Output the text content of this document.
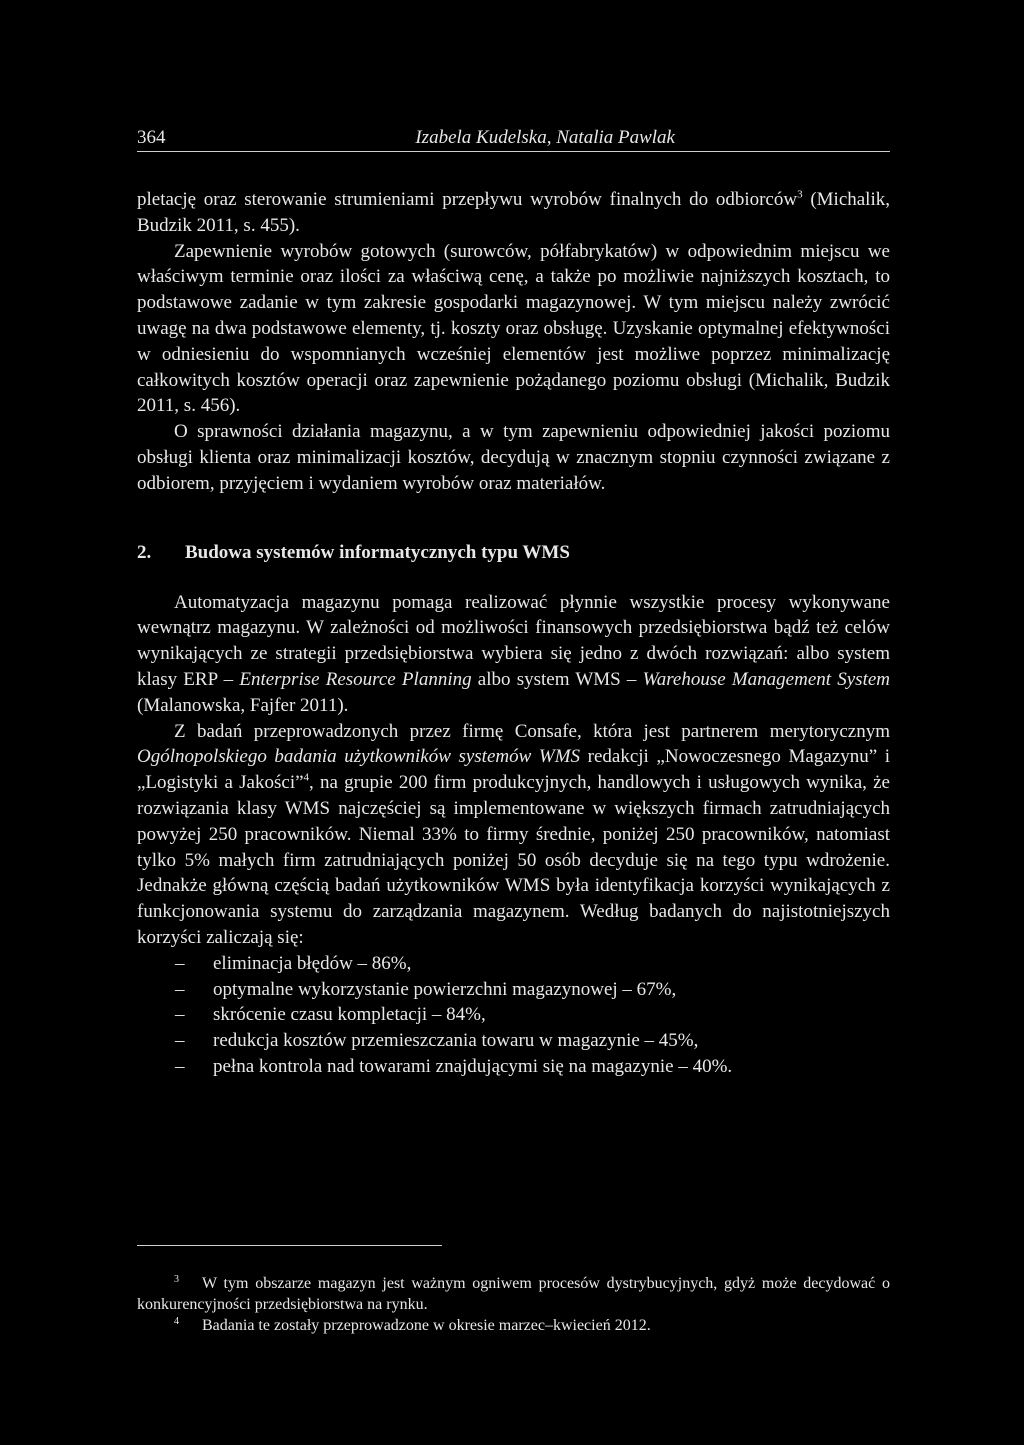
364	Izabela Kudelska, Natalia Pawlak

pletację oraz sterowanie strumieniami przepływu wyrobów finalnych do odbiorców$^3$ (Michalik, Budzik 2011, s. 455).

Zapewnienie wyrobów gotowych (surowców, półfabrykatów) w odpowiednim miejscu we właściwym terminie oraz ilości za właściwą cenę, a także po możliwie najniższych kosztach, to podstawowe zadanie w tym zakresie gospodarki magazynowej. W tym miejscu należy zwrócić uwagę na dwa podstawowe elementy, tj. koszty oraz obsługę. Uzyskanie optymalnej efektywności w odniesieniu do wspomnianych wcześniej elementów jest możliwe poprzez minimalizację całkowitych kosztów operacji oraz zapewnienie pożądanego poziomu obsługi (Michalik, Budzik 2011, s. 456).

O sprawności działania magazynu, a w tym zapewnieniu odpowiedniej jakości poziomu obsługi klienta oraz minimalizacji kosztów, decydują w znacznym stopniu czynności związane z odbiorem, przyjęciem i wydaniem wyrobów oraz materiałów.

2.	Budowa systemów informatycznych typu WMS

Automatyzacja magazynu pomaga realizować płynnie wszystkie procesy wykonywane wewnątrz magazynu. W zależności od możliwości finansowych przedsiębiorstwa bądź też celów wynikających ze strategii przedsiębiorstwa wybiera się jedno z dwóch rozwiązań: albo system klasy ERP – Enterprise Resource Planning albo system WMS – Warehouse Management System (Malanowska, Fajfer 2011).

Z badań przeprowadzonych przez firmę Consafe, która jest partnerem merytorycznym Ogólnopolskiego badania użytkowników systemów WMS redakcji „Nowoczesnego Magazynu” i „Logistyki a Jakości”$^4$, na grupie 200 firm produkcyjnych, handlowych i usługowych wynika, że rozwiązania klasy WMS najczęściej są implementowane w większych firmach zatrudniających powyżej 250 pracowników. Niemal 33% to firmy średnie, poniżej 250 pracowników, natomiast tylko 5% małych firm zatrudniających poniżej 50 osób decyduje się na tego typu wdrożenie. Jednakże główną częścią badań użytkowników WMS była identyfikacja korzyści wynikających z funkcjonowania systemu do zarządzania magazynem. Według badanych do najistotniejszych korzyści zaliczają się:

–	eliminacja błędów – 86%,
–	optymalne wykorzystanie powierzchni magazynowej – 67%,
–	skrócenie czasu kompletacji – 84%,
–	redukcja kosztów przemieszczania towaru w magazynie – 45%,
–	pełna kontrola nad towarami znajdującymi się na magazynie – 40%.

3 W tym obszarze magazyn jest ważnym ogniwem procesów dystrybucyjnych, gdyż może decydować o konkurencyjności przedsiębiorstwa na rynku.

4 Badania te zostały przeprowadzone w okresie marzec–kwiecień 2012.
